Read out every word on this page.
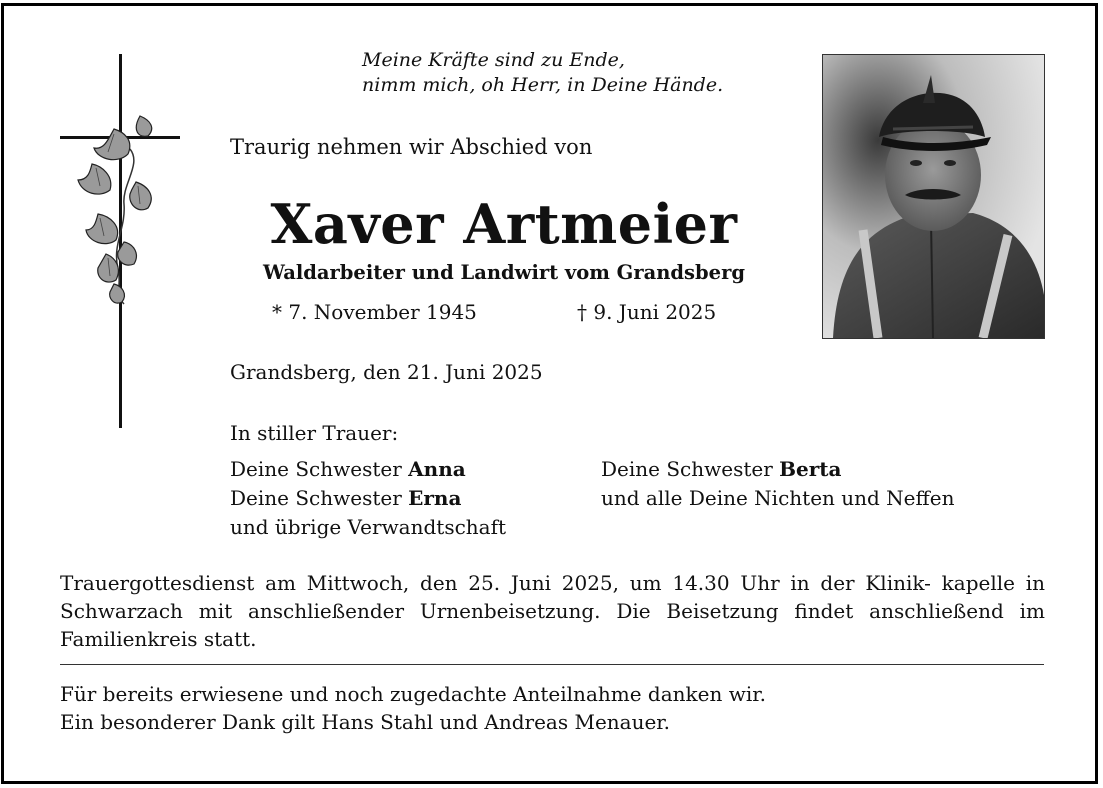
Meine Kräfte sind zu Ende,
nimm mich, oh Herr, in Deine Hände.
Traurig nehmen wir Abschied von
Xaver Artmeier
Waldarbeiter und Landwirt vom Grandsberg
* 7. November 1945	† 9. Juni 2025
Grandsberg, den 21. Juni 2025
In stiller Trauer:
Deine Schwester Anna
Deine Schwester Erna
und übrige Verwandtschaft
Deine Schwester Berta
und alle Deine Nichten und Neffen
Trauergottesdienst am Mittwoch, den 25. Juni 2025, um 14.30 Uhr in der Klinik- kapelle in Schwarzach mit anschließender Urnenbeisetzung. Die Beisetzung findet anschließend im Familienkreis statt.
Für bereits erwiesene und noch zugedachte Anteilnahme danken wir.
Ein besonderer Dank gilt Hans Stahl und Andreas Menauer.
